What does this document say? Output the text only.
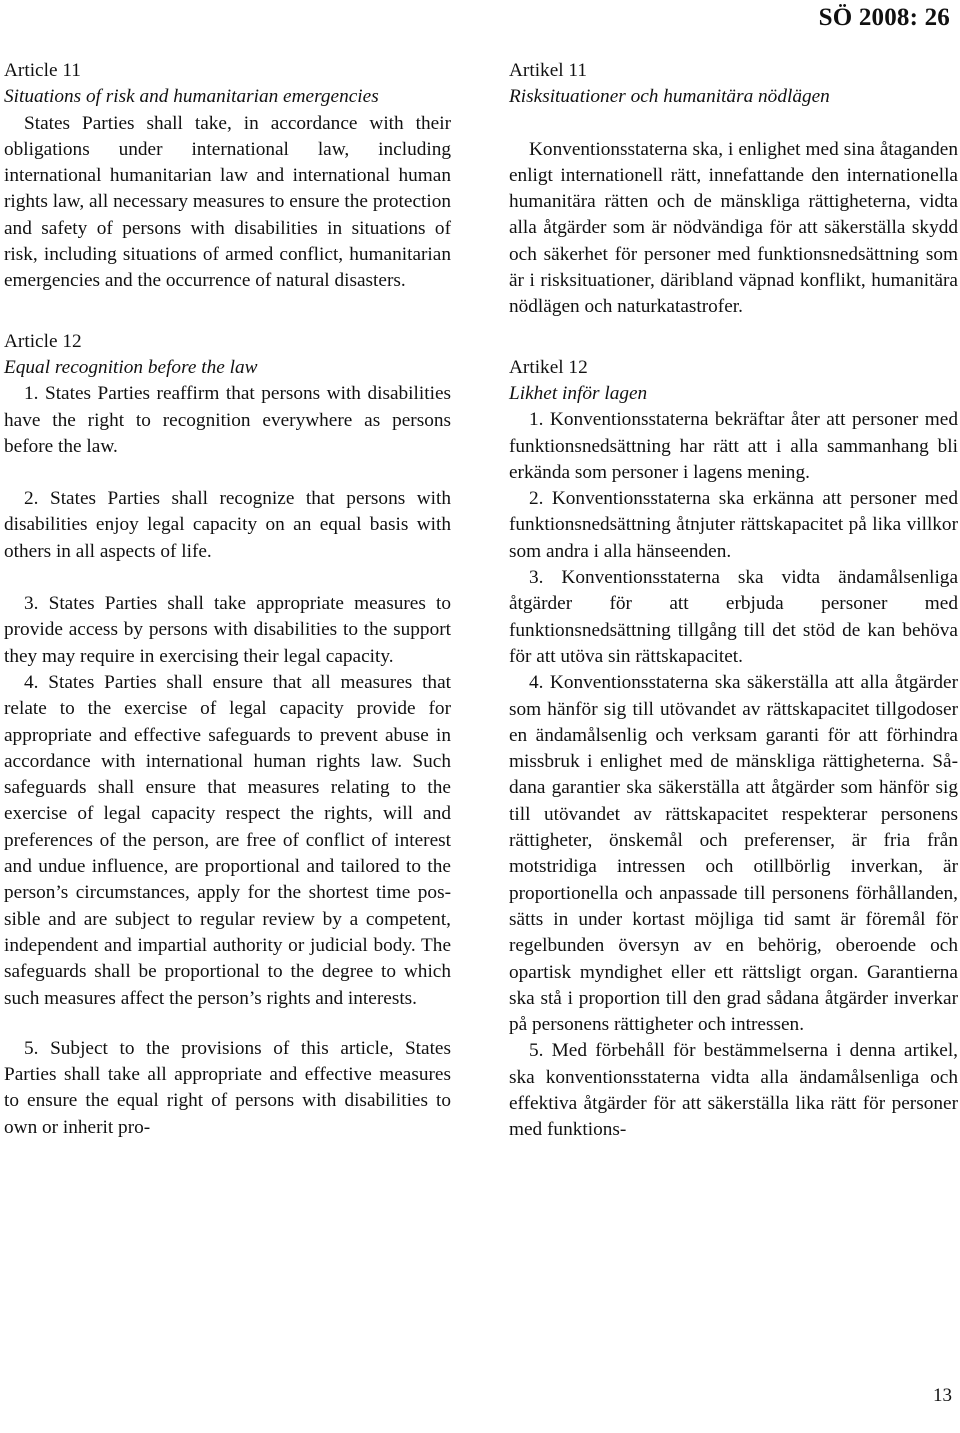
SÖ 2008: 26
Article 11
Situations of risk and humanitarian emergencies

States Parties shall take, in accordance with their obligations under international law, including international humanitarian law and international human rights law, all necessary measures to ensure the protection and safety of persons with disabilities in situations of risk, including situations of armed conflict, humanitarian emergencies and the occurrence of natural disasters.

Article 12
Equal recognition before the law

1. States Parties reaffirm that persons with disabilities have the right to recognition everywhere as persons before the law.

2. States Parties shall recognize that persons with disabilities enjoy legal capacity on an equal basis with others in all aspects of life.

3. States Parties shall take appropriate measures to provide access by persons with disabilities to the support they may require in exercising their legal capacity.

4. States Parties shall ensure that all measures that relate to the exercise of legal capacity provide for appropriate and effective safeguards to prevent abuse in accordance with international human rights law. Such safeguards shall ensure that measures relating to the exercise of legal capacity respect the rights, will and preferences of the person, are free of conflict of interest and undue influence, are proportional and tailored to the person’s circumstances, apply for the shortest time possible and are subject to regular review by a competent, independent and impartial authority or judicial body. The safeguards shall be proportional to the degree to which such measures affect the person’s rights and interests.

5. Subject to the provisions of this article, States Parties shall take all appropriate and effective measures to ensure the equal right of persons with disabilities to own or inherit pro-

Artikel 11
Risksituationer och humanitära nödlägen

Konventionsstaterna ska, i enlighet med sina åtaganden enligt internationell rätt, innefattande den internationella humanitära rätten och de mänskliga rättigheterna, vidta alla åtgärder som är nödvändiga för att säkerställa skydd och säkerhet för personer med funktionsnedsättning som är i risksituationer, däribland väpnad konflikt, humanitära nödlägen och naturkatastrofer.

Artikel 12
Likhet inför lagen

1. Konventionsstaterna bekräftar åter att personer med funktionsnedsättning har rätt att i alla sammanhang bli erkända som personer i lagens mening.

2. Konventionsstaterna ska erkänna att personer med funktionsnedsättning åtnjuter rättskapacitet på lika villkor som andra i alla hänseenden.

3. Konventionsstaterna ska vidta ändamålsenliga åtgärder för att erbjuda personer med funktionsnedsättning tillgång till det stöd de kan behöva för att utöva sin rättskapacitet.

4. Konventionsstaterna ska säkerställa att alla åtgärder som hänför sig till utövandet av rättskapacitet tillgodoser en ändamålsenlig och verksam garanti för att förhindra missbruk i enlighet med de mänskliga rättigheterna. Sådana garantier ska säkerställa att åtgärder som hänför sig till utövandet av rättskapacitet respekterar personens rättigheter, önskemål och preferenser, är fria från motstridiga intressen och otillbörlig inverkan, är proportionella och anpassade till personens förhållanden, sätts in under kortast möjliga tid samt är föremål för regelbunden översyn av en behörig, oberoende och opartisk myndighet eller ett rättsligt organ. Garantierna ska stå i proportion till den grad sådana åtgärder inverkar på personens rättigheter och intressen.

5. Med förbehåll för bestämmelserna i denna artikel, ska konventionsstaterna vidta alla ändamålsenliga och effektiva åtgärder för att säkerställa lika rätt för personer med funktions-

13
